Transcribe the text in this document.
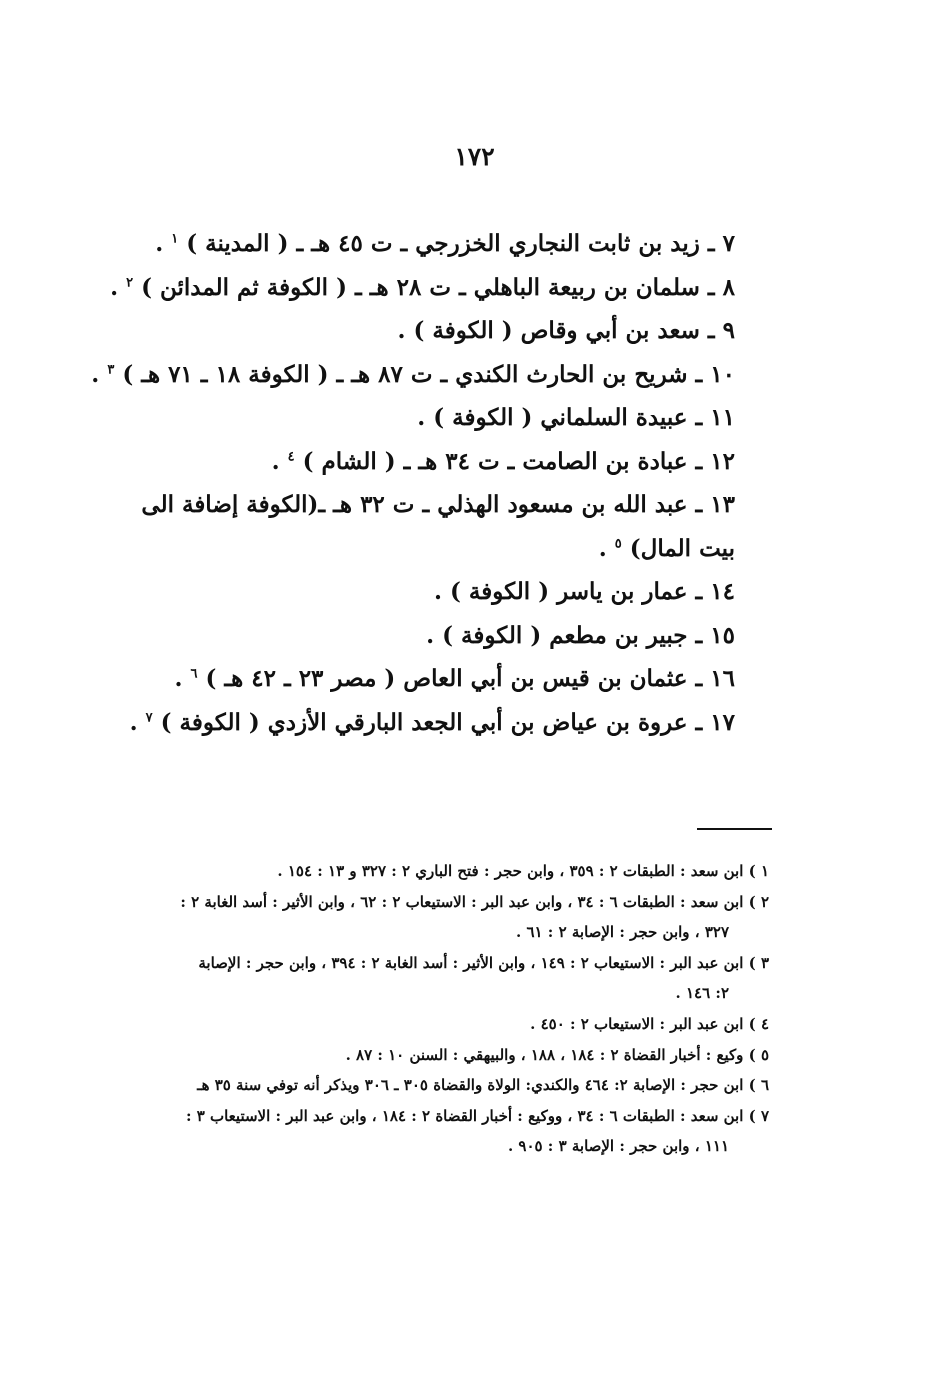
١٧٢
٧ ـ زيد بن ثابت النجاري الخزرجي ـ ت ٤٥ هـ ـ ( المدينة ) $^١$ .
٨ ـ سلمان بن ربيعة الباهلي ـ ت ٢٨ هـ ـ ( الكوفة ثم المدائن ) $^٢$ .
٩ ـ سعد بن أبي وقاص ( الكوفة ) .
١٠ ـ شريح بن الحارث الكندي ـ ت ٨٧ هـ ـ ( الكوفة ١٨ ـ ٧١ هـ ) $^٣$ .
١١ ـ عبيدة السلماني ( الكوفة ) .
١٢ ـ عبادة بن الصامت ـ ت ٣٤ هـ ـ ( الشام ) $^٤$ .
١٣ ـ عبد الله بن مسعود الهذلي ـ ت ٣٢ هـ ـ(الكوفة إضافة الى بيت المال) $^٥$ .
١٤ ـ عمار بن ياسر ( الكوفة ) .
١٥ ـ جبير بن مطعم ( الكوفة ) .
١٦ ـ عثمان بن قيس بن أبي العاص ( مصر ٢٣ ـ ٤٢ هـ ) $^٦$ .
١٧ ـ عروة بن عياض بن أبي الجعد البارقي الأزدي ( الكوفة ) $^٧$ .
١ ) ابن سعد : الطبقات ٢ : ٣٥٩ ، وابن حجر : فتح الباري ٢ : ٣٢٧ و ١٣ : ١٥٤ .
٢ ) ابن سعد : الطبقات ٦ : ٣٤ ، وابن عبد البر : الاستيعاب ٢ : ٦٢ ، وابن الأثير : أسد الغابة ٢ :
٣٢٧ ، وابن حجر : الإصابة ٢ : ٦١ .
٣ ) ابن عبد البر : الاستيعاب ٢ : ١٤٩ ، وابن الأثير : أسد الغابة ٢ : ٣٩٤ ، وابن حجر : الإصابة
٢: ١٤٦ .
٤ ) ابن عبد البر : الاستيعاب ٢ : ٤٥٠ .
٥ ) وكيع : أخبار القضاة ٢ : ١٨٤ ، ١٨٨ ، والبيهقي : السنن ١٠ : ٨٧ .
٦ ) ابن حجر : الإصابة ٢: ٤٦٤ والكندي: الولاة والقضاة ٣٠٥ ـ ٣٠٦ ويذكر أنه توفي سنة ٣٥ هـ
٧ ) ابن سعد : الطبقات ٦ : ٣٤ ، ووكيع : أخبار القضاة ٢ : ١٨٤ ، وابن عبد البر : الاستيعاب ٣ :
١١١ ، وابن حجر : الإصابة ٣ : ٩٠٥ .
